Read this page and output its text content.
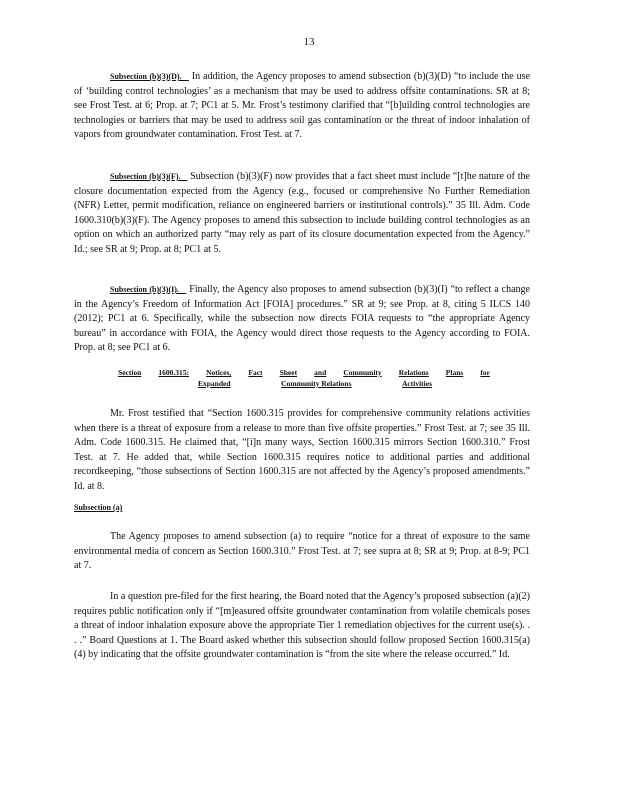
13

Subsection (b)(3)(D).    In addition, the Agency proposes to amend subsection (b)(3)(D) “to include the use of ‘building control technologies’ as a mechanism that may be used to address offsite contaminations. SR at 8; see Frost Test. at 6; Prop. at 7; PC1 at 5. Mr. Frost’s testimony clarified that “[b]uilding control technologies are technologies or barriers that may be used to address soil gas contamination or the threat of indoor inhalation of vapors from groundwater contamination. Frost Test. at 7.

Subsection (b)(3)(F).    Subsection (b)(3)(F) now provides that a fact sheet must include “[t]he nature of the closure documentation expected from the Agency (e.g., focused or comprehensive No Further Remediation (NFR) Letter, permit modification, reliance on engineered barriers or institutional controls).” 35 Ill. Adm. Code 1600.310(b)(3)(F). The Agency proposes to amend this subsection to include building control technologies as an option on which an authorized party “may rely as part of its closure documentation expected from the Agency.” Id.; see SR at 9; Prop. at 8; PC1 at 5.

Subsection (b)(3)(I).    Finally, the Agency also proposes to amend subsection (b)(3)(I) “to reflect a change in the Agency’s Freedom of Information Act [FOIA] procedures.” SR at 9; see Prop. at 8, citing 5 ILCS 140 (2012); PC1 at 6. Specifically, while the subsection now directs FOIA requests to “the appropriate Agency bureau” in accordance with FOIA, the Agency would direct those requests to the Agency according to FOIA. Prop. at 8; see PC1 at 6.

Section 1600.315: Notices, Fact Sheet and Community Relations Plans for
Expanded	Community Relations	Activities

Mr. Frost testified that “Section 1600.315 provides for comprehensive community relations activities when there is a threat of exposure from a release to more than five offsite properties.” Frost Test. at 7; see 35 Ill. Adm. Code 1600.315. He claimed that, “[i]n many ways, Section 1600.315 mirrors Section 1600.310.” Frost Test. at 7. He added that, while Section 1600.315 requires notice to additional parties and additional recordkeeping, “those subsections of Section 1600.315 are not affected by the Agency’s proposed amendments.” Id. at 8.

Subsection (a)

The Agency proposes to amend subsection (a) to require “notice for a threat of exposure to the same environmental media of concern as Section 1600.310.” Frost Test. at 7; see supra at 8; SR at 9; Prop. at 8-9; PC1 at 7.

In a question pre-filed for the first hearing, the Board noted that the Agency’s proposed subsection (a)(2) requires public notification only if “[m]easured offsite groundwater contamination from volatile chemicals poses a threat of indoor inhalation exposure above the appropriate Tier 1 remediation objectives for the current use(s). . . .” Board Questions at 1. The Board asked whether this subsection should follow proposed Section 1600.315(a)(4) by indicating that the offsite groundwater contamination is “from the site where the release occurred.” Id.
